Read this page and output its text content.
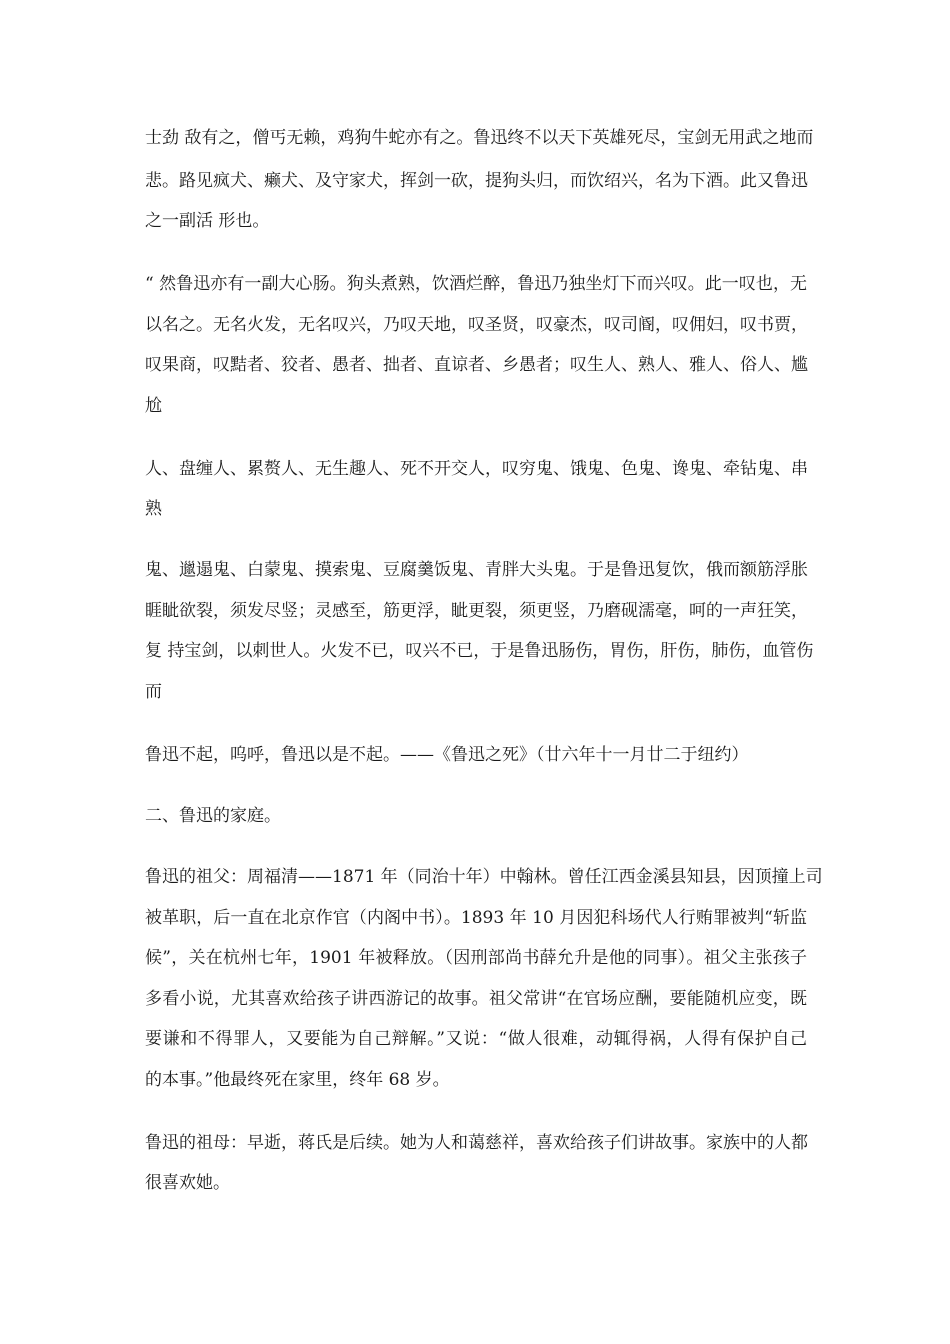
士劲 敌有之，僧丐无赖，鸡狗牛蛇亦有之。鲁迅终不以天下英雄死尽，宝剑无用武之地而

悲。路见疯犬、癞犬、及守家犬，挥剑一砍，提狗头归，而饮绍兴，名为下酒。此又鲁迅

之一副活 形也。

“ 然鲁迅亦有一副大心肠。狗头煮熟，饮酒烂醉，鲁迅乃独坐灯下而兴叹。此一叹也，无

以名之。无名火发，无名叹兴，乃叹天地，叹圣贤，叹豪杰，叹司阍，叹佣妇，叹书贾，

叹果商，叹黠者、狡者、愚者、拙者、直谅者、乡愚者；叹生人、熟人、雅人、俗人、尴

尬

人、盘缠人、累赘人、无生趣人、死不开交人，叹穷鬼、饿鬼、色鬼、谗鬼、牵钻鬼、串

熟

鬼、邋遢鬼、白蒙鬼、摸索鬼、豆腐羹饭鬼、青胖大头鬼。于是鲁迅复饮，俄而额筋浮胀

睚眦欲裂，须发尽竖；灵感至，筋更浮，眦更裂，须更竖，乃磨砚濡毫，呵的一声狂笑，

复 持宝剑，以刺世人。火发不已，叹兴不已，于是鲁迅肠伤，胃伤，肝伤，肺伤，血管伤

而

鲁迅不起，呜呼，鲁迅以是不起。——《鲁迅之死》（廿六年十一月廿二于纽约）

二、鲁迅的家庭。

鲁迅的祖父：周福清——1871 年（同治十年）中翰林。曾任江西金溪县知县，因顶撞上司

被革职，后一直在北京作官（内阁中书）。1893 年 10 月因犯科场代人行贿罪被判“斩监

候”，关在杭州七年，1901 年被释放。（因刑部尚书薛允升是他的同事）。祖父主张孩子

多看小说，尤其喜欢给孩子讲西游记的故事。祖父常讲“在官场应酬，要能随机应变，既

要谦和不得罪人，又要能为自己辩解。”又说：“做人很难，动辄得祸，人得有保护自己

的本事。”他最终死在家里，终年 68 岁。

鲁迅的祖母：早逝，蒋氏是后续。她为人和蔼慈祥，喜欢给孩子们讲故事。家族中的人都

很喜欢她。
